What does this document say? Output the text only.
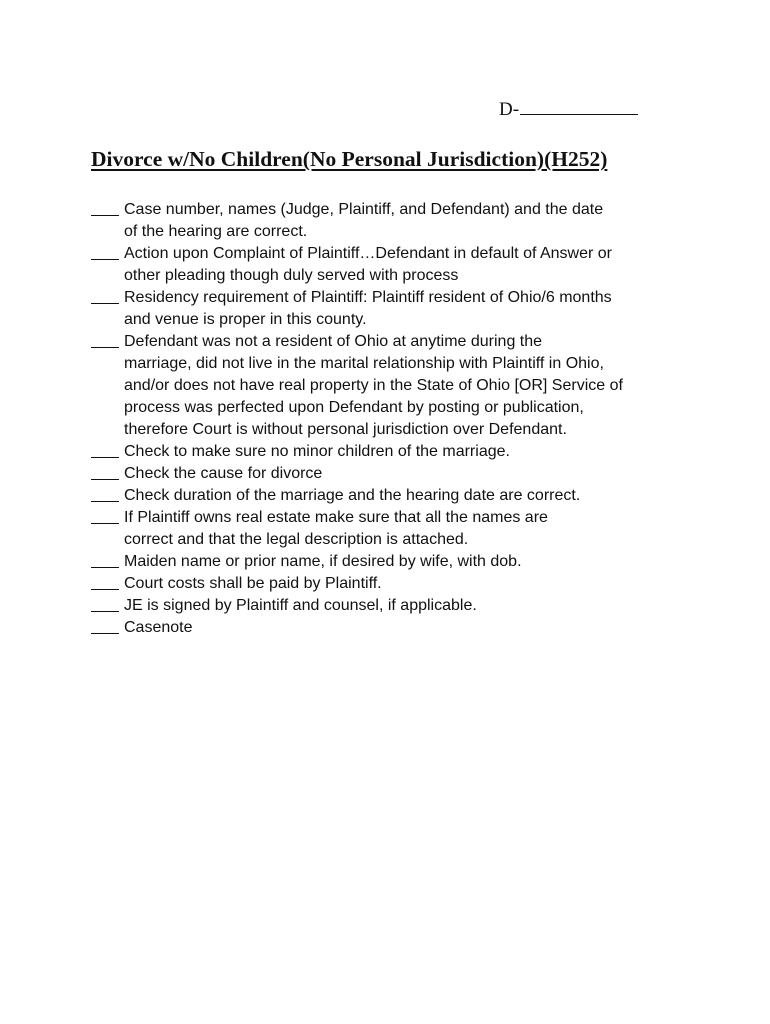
D-
Divorce w/No Children(No Personal Jurisdiction)(H252)
Case number, names (Judge, Plaintiff, and Defendant) and the date
of the hearing are correct.
Action upon Complaint of Plaintiff…Defendant in default of Answer or
other pleading though duly served with process
Residency requirement of Plaintiff: Plaintiff resident of Ohio/6 months
and venue is proper in this county.
Defendant was not a resident of Ohio at anytime during the
marriage, did not live in the marital relationship with Plaintiff in Ohio,
and/or does not have real property in the State of Ohio [OR] Service of
process was perfected upon Defendant by posting or publication,
therefore Court is without personal jurisdiction over Defendant.
Check to make sure no minor children of the marriage.
Check the cause for divorce
Check duration of the marriage and the hearing date are correct.
If Plaintiff owns real estate make sure that all the names are
correct and that the legal description is attached.
Maiden name or prior name, if desired by wife, with dob.
Court costs shall be paid by Plaintiff.
JE is signed by Plaintiff and counsel, if applicable.
Casenote
